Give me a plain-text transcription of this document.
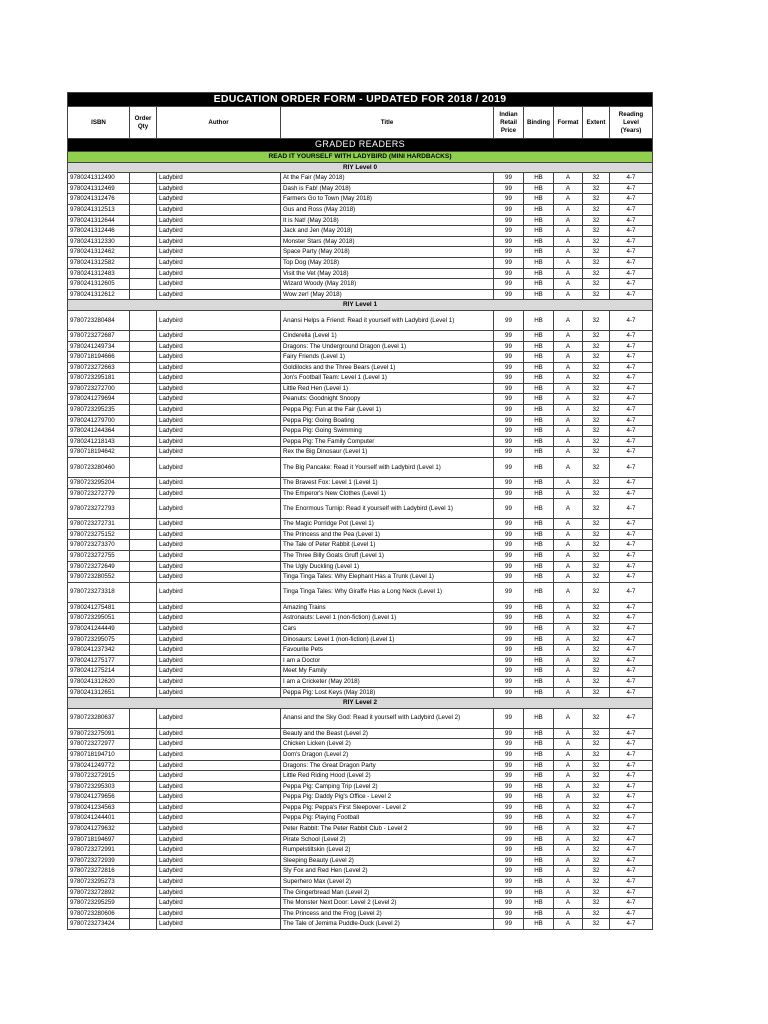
EDUCATION ORDER FORM - UPDATED FOR 2018 / 2019								
ISBN	Order Qty	Author	Title	Indian Retail Price	Binding	Format	Extent	Reading Level (Years)
GRADED READERS								
READ IT YOURSELF WITH LADYBIRD (MINI HARDBACKS)								
RIY Level 0								
9780241312490		Ladybird	At the Fair (May 2018)	99	HB	A	32	4-7
9780241312469		Ladybird	Dash is Fab! (May 2018)	99	HB	A	32	4-7
9780241312476		Ladybird	Farmers Go to Town (May 2018)	99	HB	A	32	4-7
9780241312513		Ladybird	Gus and Ross (May 2018)	99	HB	A	32	4-7
9780241312644		Ladybird	It is Nat! (May 2018)	99	HB	A	32	4-7
9780241312446		Ladybird	Jack and Jen (May 2018)	99	HB	A	32	4-7
9780241312330		Ladybird	Monster Stars (May 2018)	99	HB	A	32	4-7
9780241312462		Ladybird	Space Party (May 2018)	99	HB	A	32	4-7
9780241312582		Ladybird	Top Dog (May 2018)	99	HB	A	32	4-7
9780241312483		Ladybird	Visit the Vet (May 2018)	99	HB	A	32	4-7
9780241312605		Ladybird	Wizard Woody (May 2018)	99	HB	A	32	4-7
9780241312612		Ladybird	Wow zer! (May 2018)	99	HB	A	32	4-7
RIY Level 1								
9780723280484		Ladybird	Anansi Helps a Friend: Read it yourself with Ladybird (Level 1)	99	HB	A	32	4-7
9780723272687		Ladybird	Cinderella (Level 1)	99	HB	A	32	4-7
9780241249734		Ladybird	Dragons: The Underground Dragon (Level 1)	99	HB	A	32	4-7
9780718194666		Ladybird	Fairy Friends (Level 1)	99	HB	A	32	4-7
9780723272663		Ladybird	Goldilocks and the Three Bears (Level 1)	99	HB	A	32	4-7
9780723295181		Ladybird	Jon's Football Team: Level 1 (Level 1)	99	HB	A	32	4-7
9780723272700		Ladybird	Little Red Hen (Level 1)	99	HB	A	32	4-7
9780241279694		Ladybird	Peanuts: Goodnight Snoopy	99	HB	A	32	4-7
9780723295235		Ladybird	Peppa Pig: Fun at the Fair (Level 1)	99	HB	A	32	4-7
9780241279700		Ladybird	Peppa Pig: Going Boating	99	HB	A	32	4-7
9780241244364		Ladybird	Peppa Pig: Going Swimming	99	HB	A	32	4-7
9780241218143		Ladybird	Peppa Pig: The Family Computer	99	HB	A	32	4-7
9780718194642		Ladybird	Rex the Big Dinosaur (Level 1)	99	HB	A	32	4-7
9780723280460		Ladybird	The Big Pancake: Read it Yourself with Ladybird (Level 1)	99	HB	A	32	4-7
9780723295204		Ladybird	The Bravest Fox: Level 1 (Level 1)	99	HB	A	32	4-7
9780723272779		Ladybird	The Emperor's New Clothes (Level 1)	99	HB	A	32	4-7
9780723272793		Ladybird	The Enormous Turnip: Read it yourself with Ladybird (Level 1)	99	HB	A	32	4-7
9780723272731		Ladybird	The Magic Porridge Pot (Level 1)	99	HB	A	32	4-7
9780723275152		Ladybird	The Princess and the Pea (Level 1)	99	HB	A	32	4-7
9780723273370		Ladybird	The Tale of Peter Rabbit (Level 1)	99	HB	A	32	4-7
9780723272755		Ladybird	The Three Billy Goats Gruff (Level 1)	99	HB	A	32	4-7
9780723272649		Ladybird	The Ugly Duckling (Level 1)	99	HB	A	32	4-7
9780723280552		Ladybird	Tinga Tinga Tales: Why Elephant Has a Trunk (Level 1)	99	HB	A	32	4-7
9780723273318		Ladybird	Tinga Tinga Tales: Why Giraffe Has a Long Neck (Level 1)	99	HB	A	32	4-7
9780241275481		Ladybird	Amazing Trains	99	HB	A	32	4-7
9780723295051		Ladybird	Astronauts: Level 1 (non-fiction) (Level 1)	99	HB	A	32	4-7
9780241244449		Ladybird	Cars	99	HB	A	32	4-7
9780723295075		Ladybird	Dinosaurs: Level 1 (non-fiction) (Level 1)	99	HB	A	32	4-7
9780241237342		Ladybird	Favourite Pets	99	HB	A	32	4-7
9780241275177		Ladybird	I am a Doctor	99	HB	A	32	4-7
9780241275214		Ladybird	Meet My Family	99	HB	A	32	4-7
9780241312620		Ladybird	I am a Cricketer (May 2018)	99	HB	A	32	4-7
9780241312651		Ladybird	Peppa Pig: Lost Keys (May 2018)	99	HB	A	32	4-7
RIY Level 2								
9780723280637		Ladybird	Anansi and the Sky God: Read it yourself with Ladybird (Level 2)	99	HB	A	32	4-7
9780723275091		Ladybird	Beauty and the Beast (Level 2)	99	HB	A	32	4-7
9780723272977		Ladybird	Chicken Licken (Level 2)	99	HB	A	32	4-7
9780718194710		Ladybird	Dom's Dragon (Level 2)	99	HB	A	32	4-7
9780241249772		Ladybird	Dragons: The Great Dragon Party	99	HB	A	32	4-7
9780723272915		Ladybird	Little Red Riding Hood (Level 2)	99	HB	A	32	4-7
9780723295303		Ladybird	Peppa Pig: Camping Trip (Level 2)	99	HB	A	32	4-7
9780241279656		Ladybird	Peppa Pig: Daddy Pig's Office - Level 2	99	HB	A	32	4-7
9780241234563		Ladybird	Peppa Pig: Peppa's First Sleepover - Level 2	99	HB	A	32	4-7
9780241244401		Ladybird	Peppa Pig: Playing Football	99	HB	A	32	4-7
9780241279632		Ladybird	Peter Rabbit: The Peter Rabbit Club - Level 2	99	HB	A	32	4-7
9780718194697		Ladybird	Pirate School (Level 2)	99	HB	A	32	4-7
9780723272991		Ladybird	Rumpelstiltskin (Level 2)	99	HB	A	32	4-7
9780723272939		Ladybird	Sleeping Beauty (Level 2)	99	HB	A	32	4-7
9780723272816		Ladybird	Sly Fox and Red Hen (Level 2)	99	HB	A	32	4-7
9780723295273		Ladybird	Superhero Max (Level 2)	99	HB	A	32	4-7
9780723272892		Ladybird	The Gingerbread Man (Level 2)	99	HB	A	32	4-7
9780723295259		Ladybird	The Monster Next Door: Level 2 (Level 2)	99	HB	A	32	4-7
9780723280606		Ladybird	The Princess and the Frog (Level 2)	99	HB	A	32	4-7
9780723273424		Ladybird	The Tale of Jemima Puddle-Duck (Level 2)	99	HB	A	32	4-7
